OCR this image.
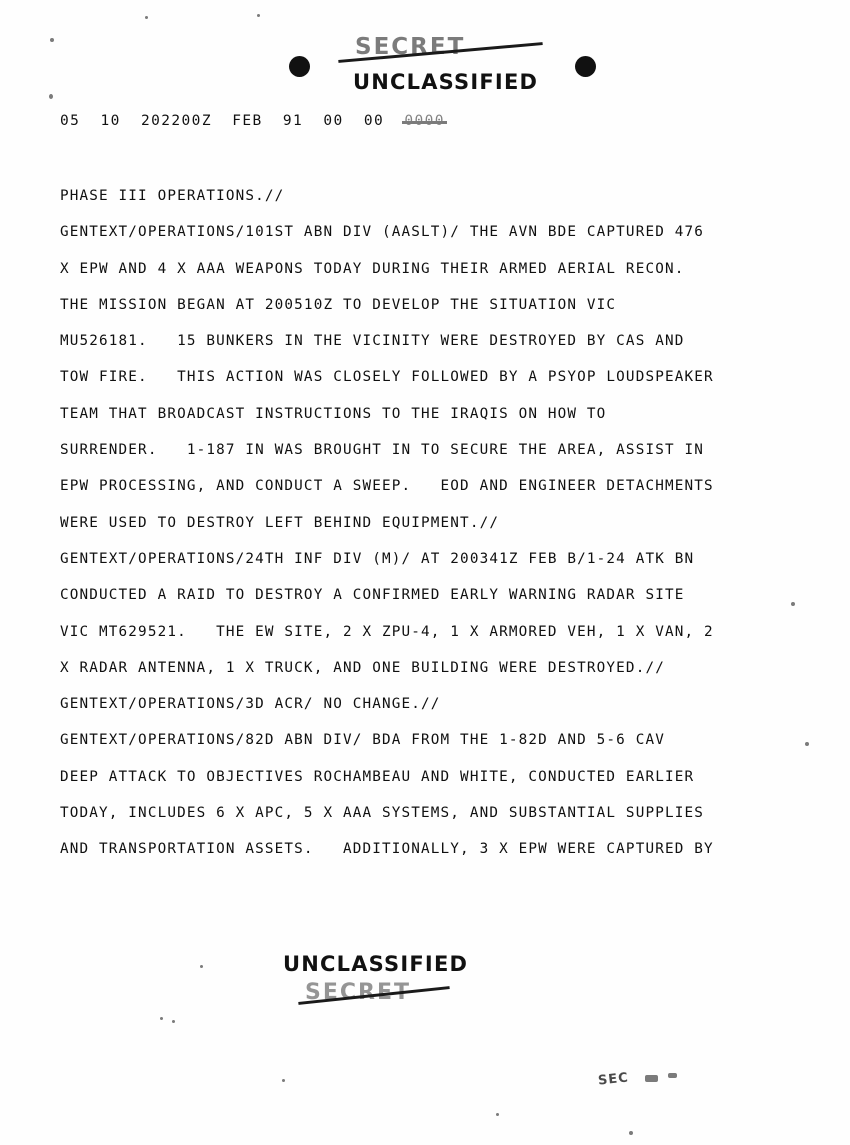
SECRET
UNCLASSIFIED
05  10  202200Z  FEB  91  00  00  0000
PHASE III OPERATIONS.//
GENTEXT/OPERATIONS/101ST ABN DIV (AASLT)/ THE AVN BDE CAPTURED 476
X EPW AND 4 X AAA WEAPONS TODAY DURING THEIR ARMED AERIAL RECON.
THE MISSION BEGAN AT 200510Z TO DEVELOP THE SITUATION VIC
MU526181.   15 BUNKERS IN THE VICINITY WERE DESTROYED BY CAS AND
TOW FIRE.   THIS ACTION WAS CLOSELY FOLLOWED BY A PSYOP LOUDSPEAKER
TEAM THAT BROADCAST INSTRUCTIONS TO THE IRAQIS ON HOW TO
SURRENDER.   1-187 IN WAS BROUGHT IN TO SECURE THE AREA, ASSIST IN
EPW PROCESSING, AND CONDUCT A SWEEP.   EOD AND ENGINEER DETACHMENTS
WERE USED TO DESTROY LEFT BEHIND EQUIPMENT.//
GENTEXT/OPERATIONS/24TH INF DIV (M)/ AT 200341Z FEB B/1-24 ATK BN
CONDUCTED A RAID TO DESTROY A CONFIRMED EARLY WARNING RADAR SITE
VIC MT629521.   THE EW SITE, 2 X ZPU-4, 1 X ARMORED VEH, 1 X VAN, 2
X RADAR ANTENNA, 1 X TRUCK, AND ONE BUILDING WERE DESTROYED.//
GENTEXT/OPERATIONS/3D ACR/ NO CHANGE.//
GENTEXT/OPERATIONS/82D ABN DIV/ BDA FROM THE 1-82D AND 5-6 CAV
DEEP ATTACK TO OBJECTIVES ROCHAMBEAU AND WHITE, CONDUCTED EARLIER
TODAY, INCLUDES 6 X APC, 5 X AAA SYSTEMS, AND SUBSTANTIAL SUPPLIES
AND TRANSPORTATION ASSETS.   ADDITIONALLY, 3 X EPW WERE CAPTURED BY
UNCLASSIFIED
SECRET
SEC
